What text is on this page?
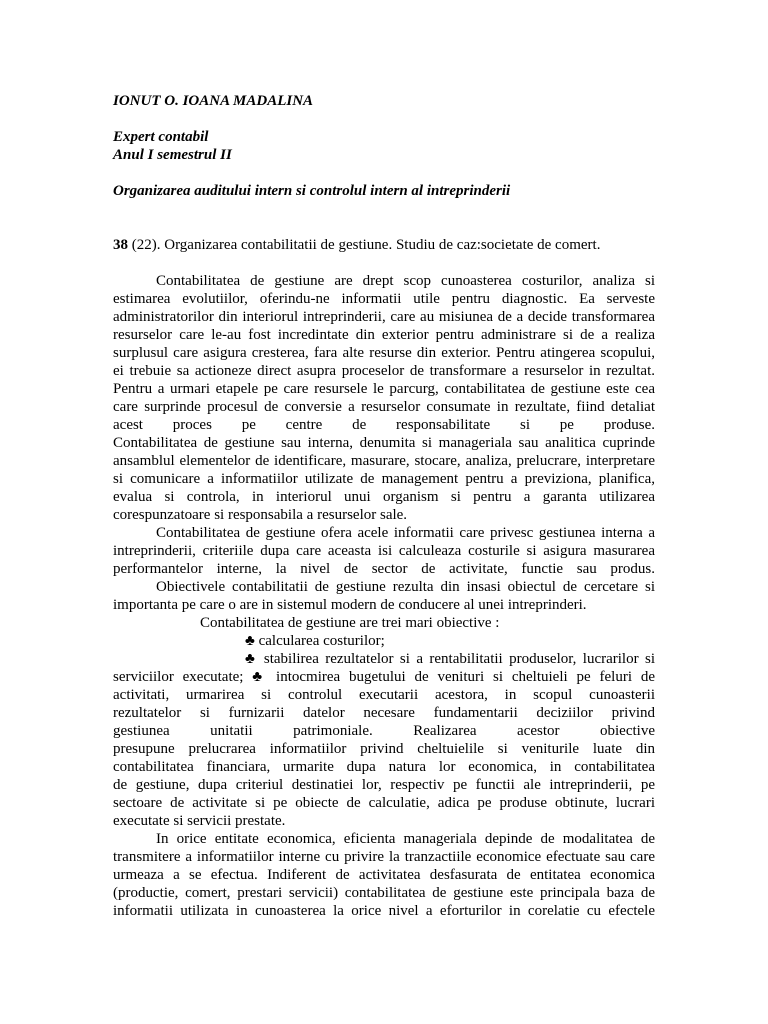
IONUT O. IOANA MADALINA
Expert contabil
Anul I semestrul II
Organizarea auditului intern si controlul intern al intreprinderii
38 (22). Organizarea contabilitatii de gestiune. Studiu de caz:societate de comert.
Contabilitatea de gestiune are drept scop cunoasterea costurilor, analiza si
estimarea evolutiilor, oferindu-ne informatii utile pentru diagnostic. Ea serveste
administratorilor din interiorul intreprinderii, care au misiunea de a decide transformarea
resurselor care le-au fost incredintate din exterior pentru administrare si de a realiza
surplusul care asigura cresterea, fara alte resurse din exterior. Pentru atingerea scopului,
ei trebuie sa actioneze direct asupra proceselor de transformare a resurselor in rezultat.
Pentru a urmari etapele pe care resursele le parcurg, contabilitatea de gestiune este cea
care surprinde procesul de conversie a resurselor consumate in rezultate, fiind detaliat
acest proces pe centre de responsabilitate si pe produse.
Contabilitatea de gestiune sau interna, denumita si manageriala sau analitica cuprinde
ansamblul elementelor de identificare, masurare, stocare, analiza, prelucrare, interpretare
si comunicare a informatiilor utilizate de management pentru a previziona, planifica,
evalua si controla, in interiorul unui organism si pentru a garanta utilizarea
corespunzatoare si responsabila a resurselor sale.
Contabilitatea de gestiune ofera acele informatii care privesc gestiunea interna a
intreprinderii, criteriile dupa care aceasta isi calculeaza costurile si asigura masurarea
performantelor interne, la nivel de sector de activitate, functie sau produs.
Obiectivele contabilitatii de gestiune rezulta din insasi obiectul de cercetare si
importanta pe care o are in sistemul modern de conducere al unei intreprinderi.
Contabilitatea de gestiune are trei mari obiective :
♣ calcularea costurilor;
♣ stabilirea rezultatelor si a rentabilitatii produselor, lucrarilor si
serviciilor executate; ♣ intocmirea bugetului de venituri si cheltuieli pe feluri de
activitati, urmarirea si controlul executarii acestora, in scopul cunoasterii
rezultatelor si furnizarii datelor necesare fundamentarii deciziilor privind
gestiunea unitatii patrimoniale. Realizarea acestor obiective
presupune prelucrarea informatiilor privind cheltuielile si veniturile luate din
contabilitatea financiara, urmarite dupa natura lor economica, in contabilitatea
de gestiune, dupa criteriul destinatiei lor, respectiv pe functii ale intreprinderii, pe
sectoare de activitate si pe obiecte de calculatie, adica pe produse obtinute, lucrari
executate si servicii prestate.
In orice entitate economica, eficienta manageriala depinde de modalitatea de
transmitere a informatiilor interne cu privire la tranzactiile economice efectuate sau care
urmeaza a se efectua. Indiferent de activitatea desfasurata de entitatea economica
(productie, comert, prestari servicii) contabilitatea de gestiune este principala baza de
informatii utilizata in cunoasterea la orice nivel a eforturilor in corelatie cu efectele
